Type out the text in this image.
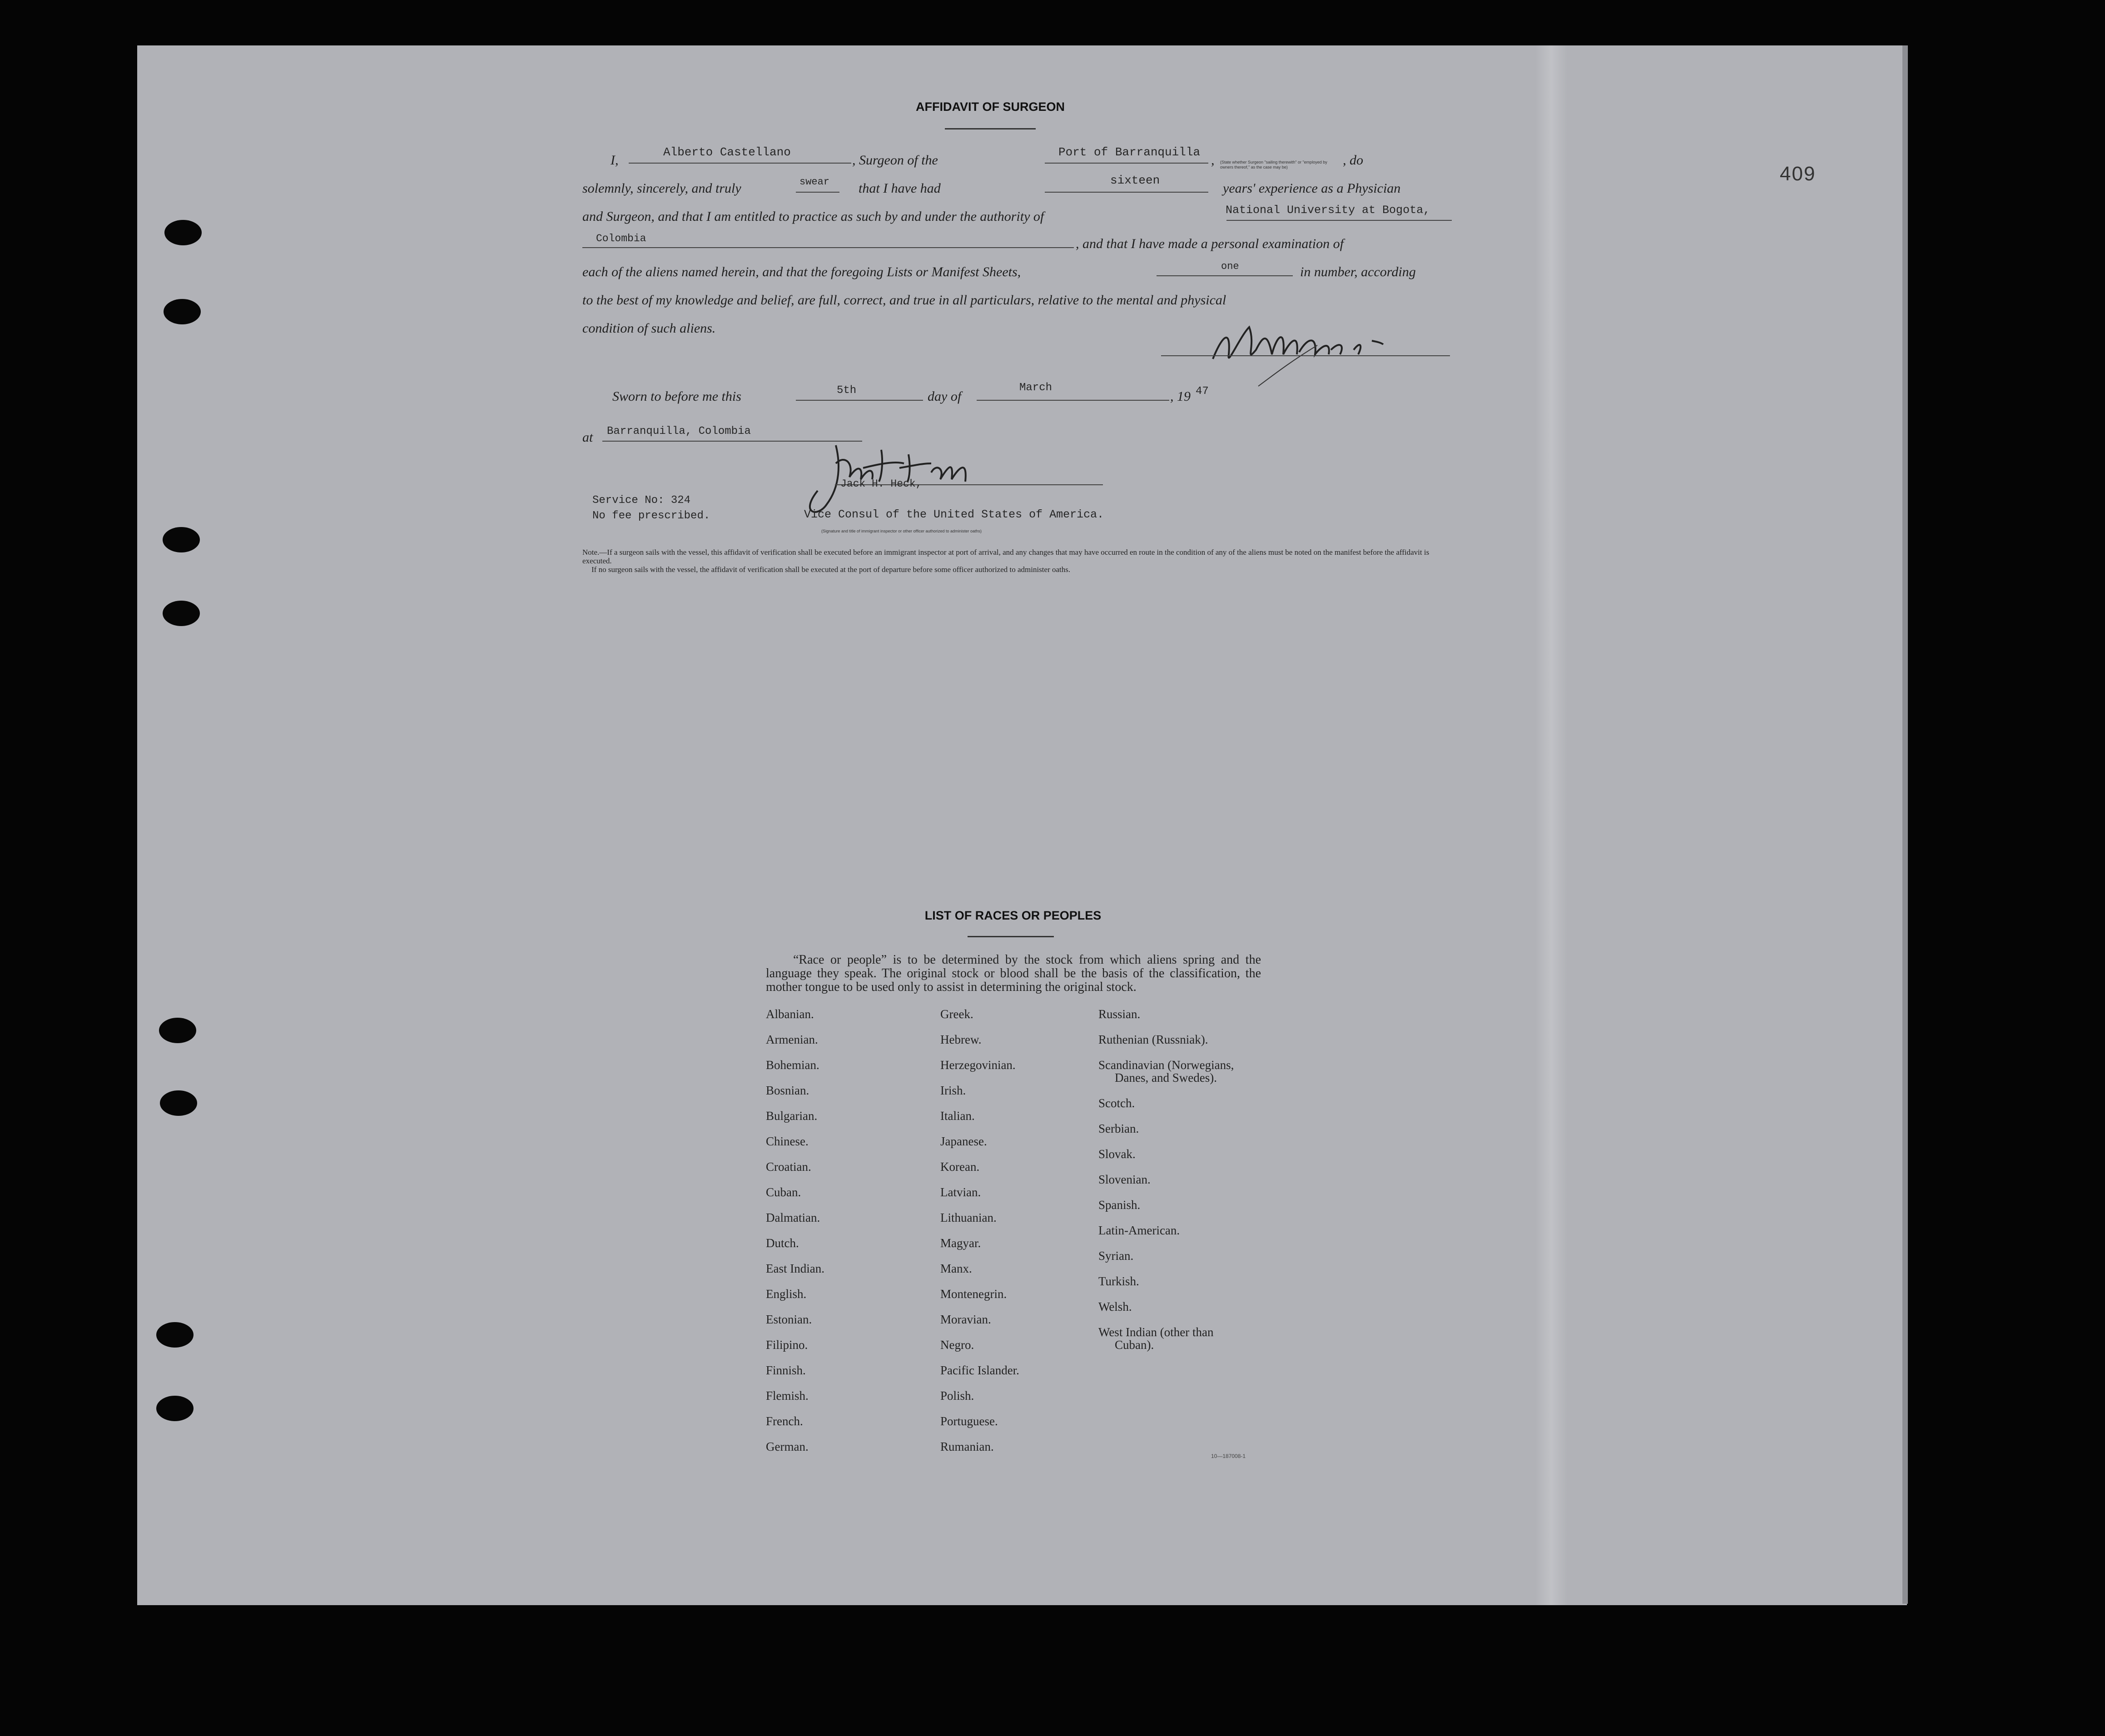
409
AFFIDAVIT OF SURGEON
I,
Alberto Castellano
, Surgeon of the
Port of Barranquilla
, (State whether Surgeon "sailing therewith" or "employed by owners thereof," as the case may be)	, do
solemnly, sincerely, and truly	swear that I have had
sixteen
years' experience as a Physician
and Surgeon, and that I am entitled to practice as such by and under the authority of	National University at Bogota,
Colombia	, and that I have made a personal examination of
each of the aliens named herein, and that the foregoing Lists or Manifest Sheets,	one	in number, according
to the best of my knowledge and belief, are full, correct, and true in all particulars, relative to the mental and physical
condition of such aliens.
Sworn to before me this	5th	day of
March
, 19 47
at Barranquilla, Colombia
Jack H. Heck,
Vice Consul of the United States of America.
(Signature and title of immigrant inspector or other officer authorized to administer oaths)
Service No: 324
No fee prescribed.
Note.—If a surgeon sails with the vessel, this affidavit of verification shall be executed before an immigrant inspector at port of arrival, and any changes that may have occurred en route in the condition of any of the aliens must be noted on the manifest before the affidavit is executed.
If no surgeon sails with the vessel, the affidavit of verification shall be executed at the port of departure before some officer authorized to administer oaths.
LIST OF RACES OR PEOPLES
“Race or people” is to be determined by the stock from which aliens spring and the language they speak. The original stock or blood shall be the basis of the classification, the mother tongue to be used only to assist in determining the original stock.
Albanian.
Armenian.
Bohemian.
Bosnian.
Bulgarian.
Chinese.
Croatian.
Cuban.
Dalmatian.
Dutch.
East Indian.
English.
Estonian.
Filipino.
Finnish.
Flemish.
French.
German.
Greek.
Hebrew.
Herzegovinian.
Irish.
Italian.
Japanese.
Korean.
Latvian.
Lithuanian.
Magyar.
Manx.
Montenegrin.
Moravian.
Negro.
Pacific Islander.
Polish.
Portuguese.
Rumanian.
Russian.
Ruthenian (Russniak).
Scandinavian (Norwegians,
Danes, and Swedes).
Scotch.
Serbian.
Slovak.
Slovenian.
Spanish.
Latin-American.
Syrian.
Turkish.
Welsh.
West Indian (other than
Cuban).
10—187008-1
